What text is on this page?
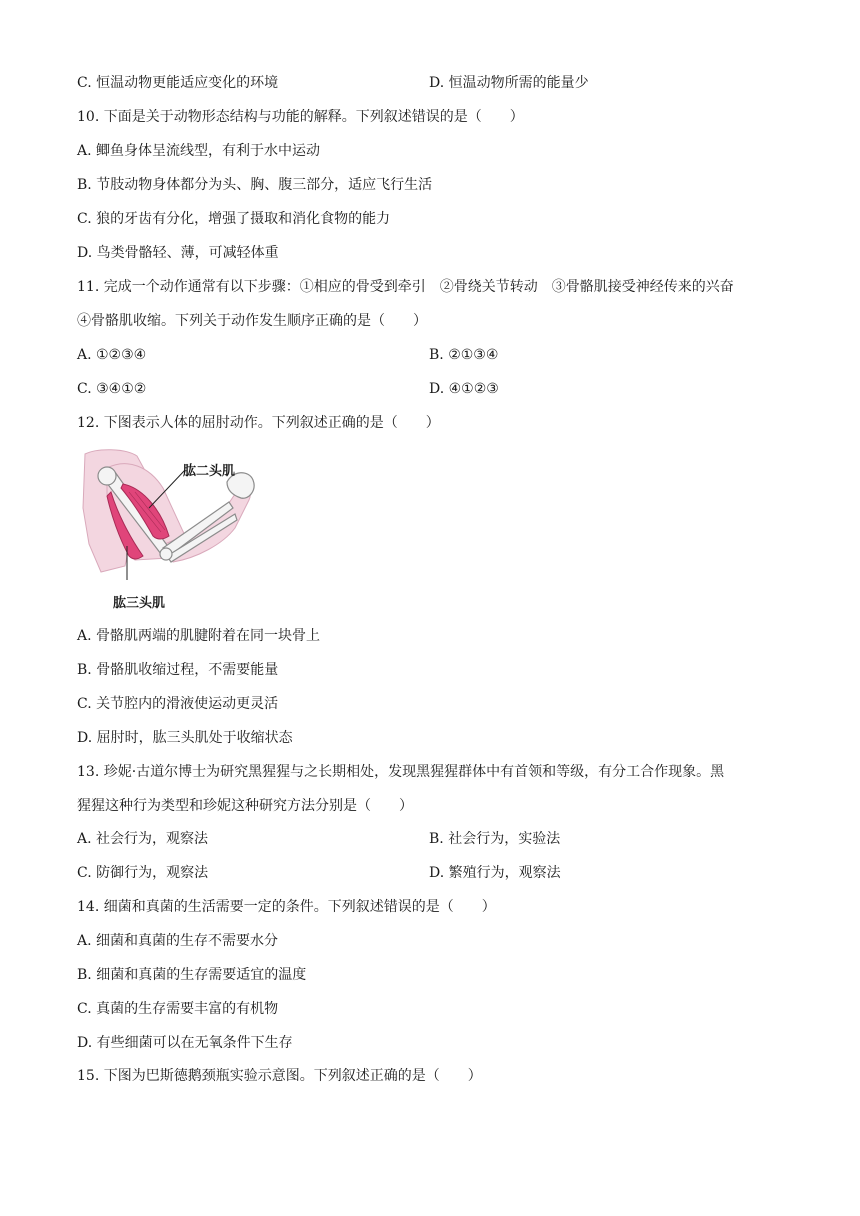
C. 恒温动物更能适应变化的环境	D. 恒温动物所需的能量少
10. 下面是关于动物形态结构与功能的解释。下列叙述错误的是（　　）
A. 鲫鱼身体呈流线型，有利于水中运动
B. 节肢动物身体都分为头、胸、腹三部分，适应飞行生活
C. 狼的牙齿有分化，增强了摄取和消化食物的能力
D. 鸟类骨骼轻、薄，可减轻体重
11. 完成一个动作通常有以下步骤：①相应的骨受到牵引　②骨绕关节转动　③骨骼肌接受神经传来的兴奋
④骨骼肌收缩。下列关于动作发生顺序正确的是（　　）
A. ①②③④	B. ②①③④
C. ③④①②	D. ④①②③
12. 下图表示人体的屈肘动作。下列叙述正确的是（　　）
肱二头肌
肱三头肌
A. 骨骼肌两端的肌腱附着在同一块骨上
B. 骨骼肌收缩过程，不需要能量
C. 关节腔内的滑液使运动更灵活
D. 屈肘时，肱三头肌处于收缩状态
13. 珍妮·古道尔博士为研究黑猩猩与之长期相处，发现黑猩猩群体中有首领和等级，有分工合作现象。黑
猩猩这种行为类型和珍妮这种研究方法分别是（　　）
A. 社会行为，观察法	B. 社会行为，实验法
C. 防御行为，观察法	D. 繁殖行为，观察法
14. 细菌和真菌的生活需要一定的条件。下列叙述错误的是（　　）
A. 细菌和真菌的生存不需要水分
B. 细菌和真菌的生存需要适宜的温度
C. 真菌的生存需要丰富的有机物
D. 有些细菌可以在无氧条件下生存
15. 下图为巴斯德鹅颈瓶实验示意图。下列叙述正确的是（　　）
